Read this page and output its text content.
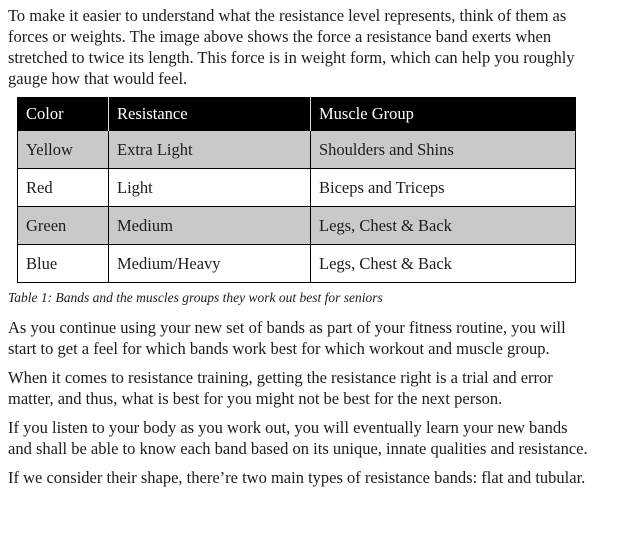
To make it easier to understand what the resistance level represents, think of them as forces or weights. The image above shows the force a resistance band exerts when stretched to twice its length. This force is in weight form, which can help you roughly gauge how that would feel.

Color	Resistance	Muscle Group
Yellow	Extra Light	Shoulders and Shins
Red	Light	Biceps and Triceps
Green	Medium	Legs, Chest & Back
Blue	Medium/Heavy	Legs, Chest & Back

Table 1: Bands and the muscles groups they work out best for seniors

As you continue using your new set of bands as part of your fitness routine, you will start to get a feel for which bands work best for which workout and muscle group.

When it comes to resistance training, getting the resistance right is a trial and error matter, and thus, what is best for you might not be best for the next person.

If you listen to your body as you work out, you will eventually learn your new bands and shall be able to know each band based on its unique, innate qualities and resistance.

If we consider their shape, there’re two main types of resistance bands: flat and tubular.
